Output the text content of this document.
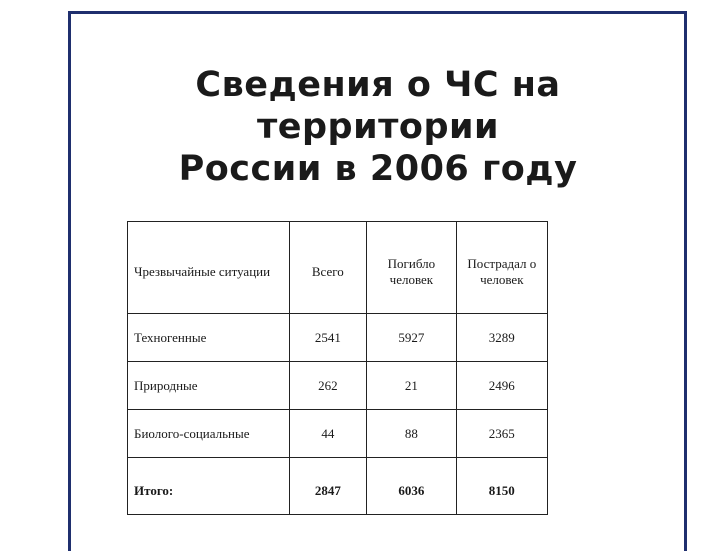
Сведения о ЧС на
территории
России в 2006 году
Чрезвычайные ситуации	Всего	Погибло человек	Пострадал о человек
Техногенные	2541	5927	3289
Природные	262	21	2496
Биолого-социальные	44	88	2365
Итого:	2847	6036	8150
